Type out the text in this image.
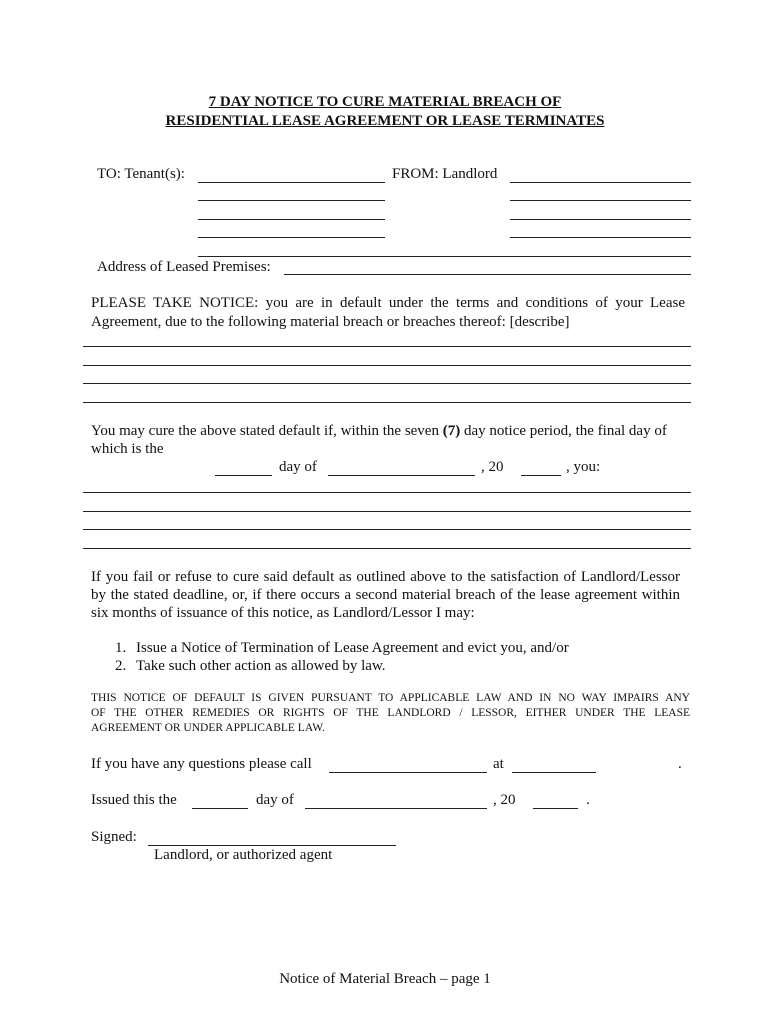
7 DAY NOTICE TO CURE MATERIAL BREACH OF
RESIDENTIAL LEASE AGREEMENT OR LEASE TERMINATES
TO: Tenant(s):	FROM: Landlord
Address of Leased Premises:
PLEASE TAKE NOTICE: you are in default under the terms and conditions of your Lease
Agreement, due to the following material breach or breaches thereof: [describe]
You may cure the above stated default if, within the seven (7) day notice period, the final day of
which is the
day of	, 20	, you:
If you fail or refuse to cure said default as outlined above to the satisfaction of Landlord/Lessor
by the stated deadline, or, if there occurs a second material breach of the lease agreement within
six months of issuance of this notice, as Landlord/Lessor I may:
1. Issue a Notice of Termination of Lease Agreement and evict you, and/or
2. Take such other action as allowed by law.
THIS NOTICE OF DEFAULT IS GIVEN PURSUANT TO APPLICABLE LAW AND IN NO WAY IMPAIRS ANY
OF THE OTHER REMEDIES OR RIGHTS OF THE LANDLORD / LESSOR, EITHER UNDER THE LEASE
AGREEMENT OR UNDER APPLICABLE LAW.
If you have any questions please call	at	.
Issued this the	day of	, 20	.
Signed:
Landlord, or authorized agent
Notice of Material Breach – page 1
